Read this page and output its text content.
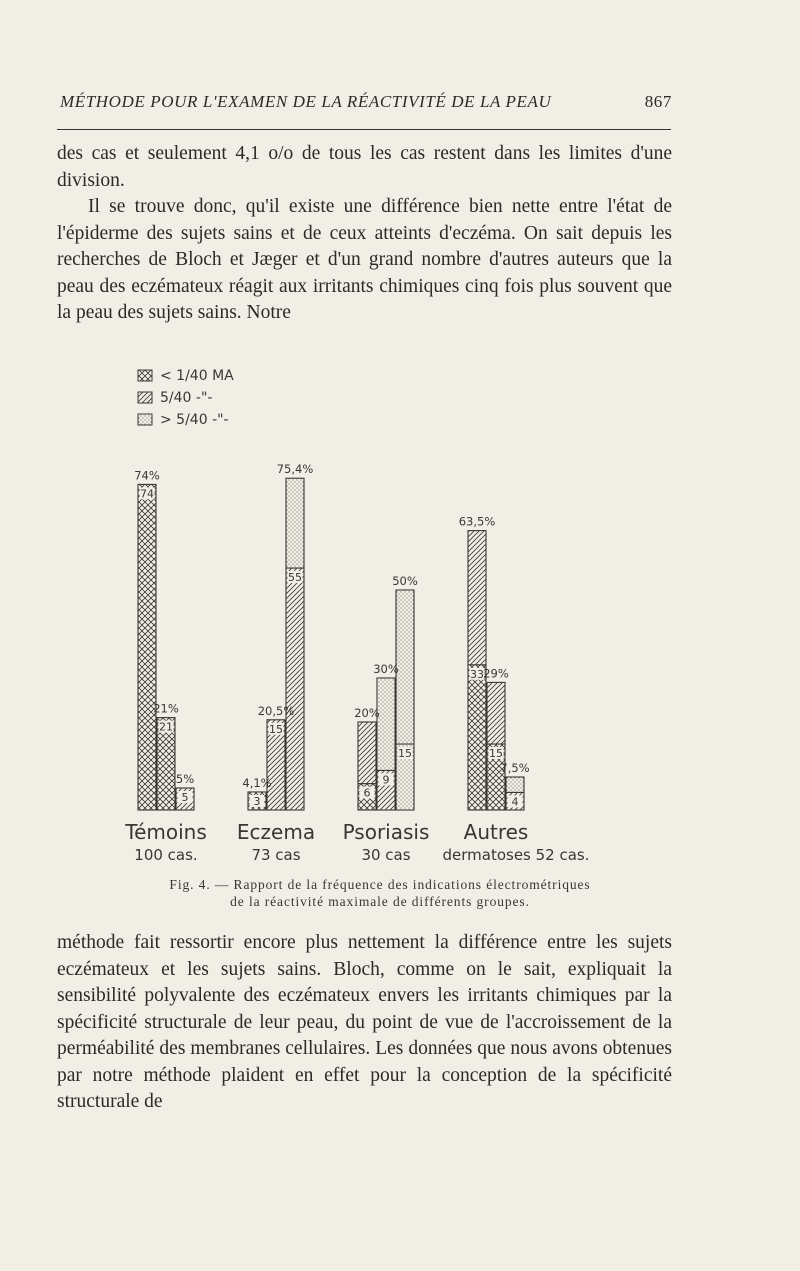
MÉTHODE POUR L'EXAMEN DE LA RÉACTIVITÉ DE LA PEAU	867

des cas et seulement 4,1 o/o de tous les cas restent dans les limites d'une division.

Il se trouve donc, qu'il existe une différence bien nette entre l'état de l'épiderme des sujets sains et de ceux atteints d'eczéma. On sait depuis les recherches de Bloch et Jæger et d'un grand nombre d'autres auteurs que la peau des eczémateux réagit aux irritants chimiques cinq fois plus souvent que la peau des sujets sains. Notre

< 1/40 MA
5/40 -"-
> 5/40 -"-
74
74%
21
21%
5
5%
Témoins
100 cas.
3
4,1%
15
20,5%
55
75,4%
Eczema
73 cas
6
20%
9
30%
15
50%
Psoriasis
30 cas
33
63,5%
15
29%
4
7,5%
Autres
dermatoses 52 cas.
Fig. 4. — Rapport de la fréquence des indications électrométriques
de la réactivité maximale de différents groupes.

méthode fait ressortir encore plus nettement la différence entre les sujets eczémateux et les sujets sains. Bloch, comme on le sait, expliquait la sensibilité polyvalente des eczémateux envers les irritants chimiques par la spécificité structurale de leur peau, du point de vue de l'accroissement de la perméabilité des membranes cellulaires. Les données que nous avons obtenues par notre méthode plaident en effet pour la conception de la spécificité structurale de
